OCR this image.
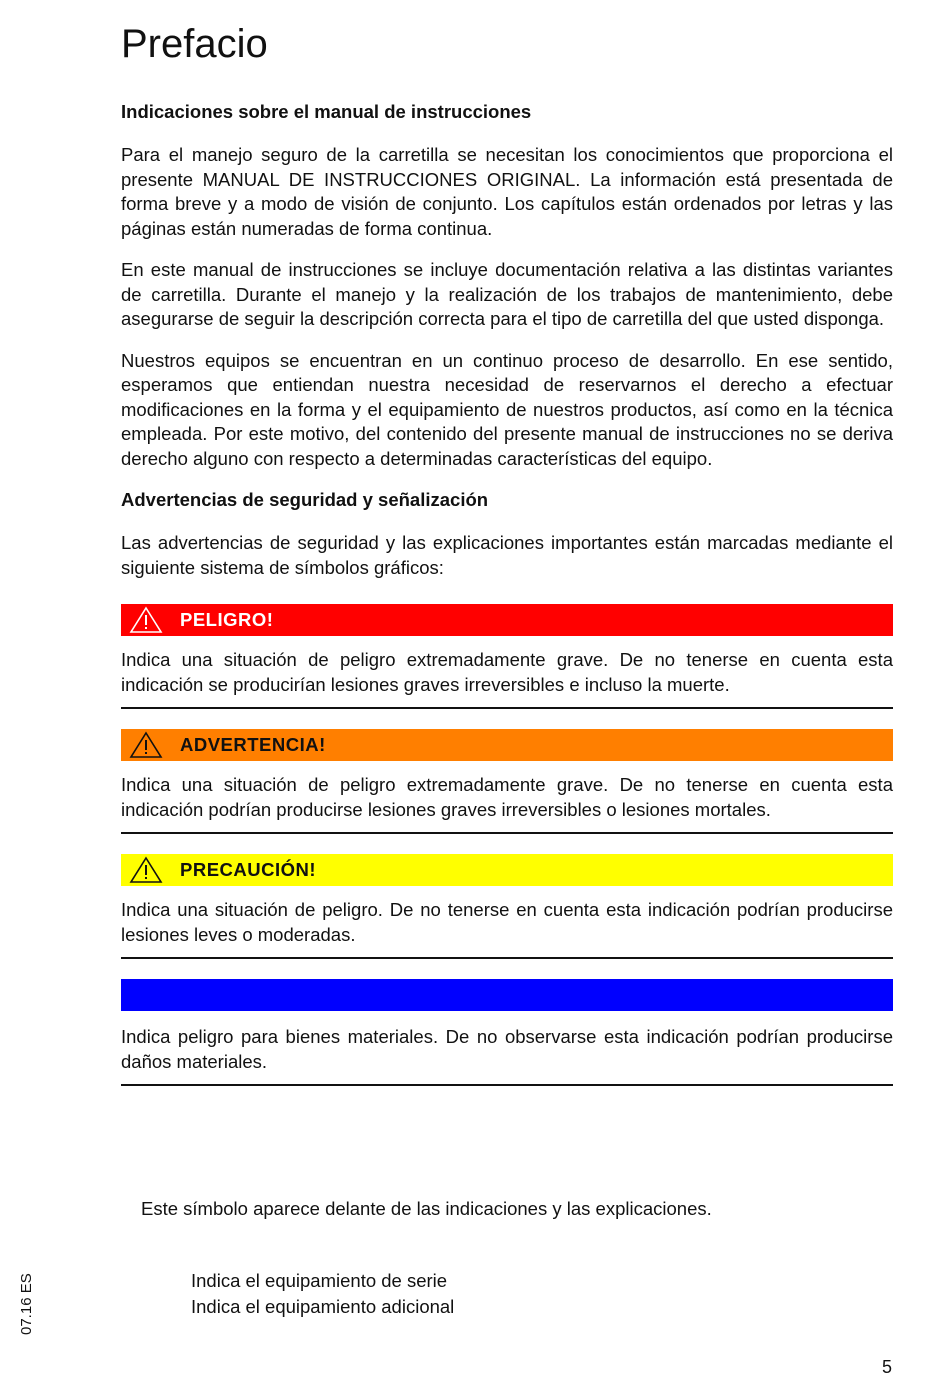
Prefacio

Indicaciones sobre el manual de instrucciones

Para el manejo seguro de la carretilla se necesitan los conocimientos que proporciona el presente MANUAL DE INSTRUCCIONES ORIGINAL. La información está presentada de forma breve y a modo de visión de conjunto. Los capítulos están ordenados por letras y las páginas están numeradas de forma continua.

En este manual de instrucciones se incluye documentación relativa a las distintas variantes de carretilla. Durante el manejo y la realización de los trabajos de mantenimiento, debe asegurarse de seguir la descripción correcta para el tipo de carretilla del que usted disponga.

Nuestros equipos se encuentran en un continuo proceso de desarrollo. En ese sentido, esperamos que entiendan nuestra necesidad de reservarnos el derecho a efectuar modificaciones en la forma y el equipamiento de nuestros productos, así como en la técnica empleada. Por este motivo, del contenido del presente manual de instrucciones no se deriva derecho alguno con respecto a determinadas características del equipo.

Advertencias de seguridad y señalización

Las advertencias de seguridad y las explicaciones importantes están marcadas mediante el siguiente sistema de símbolos gráficos:

PELIGRO!

Indica una situación de peligro extremadamente grave. De no tenerse en cuenta esta indicación se producirían lesiones graves irreversibles e incluso la muerte.

ADVERTENCIA!

Indica una situación de peligro extremadamente grave. De no tenerse en cuenta esta indicación podrían producirse lesiones graves irreversibles o lesiones mortales.

PRECAUCIÓN!

Indica una situación de peligro. De no tenerse en cuenta esta indicación podrían producirse lesiones leves o moderadas.

Indica peligro para bienes materiales. De no observarse esta indicación podrían producirse daños materiales.

Este símbolo aparece delante de las indicaciones y las explicaciones.

Indica el equipamiento de serie
Indica el equipamiento adicional
07.16 ES
5
